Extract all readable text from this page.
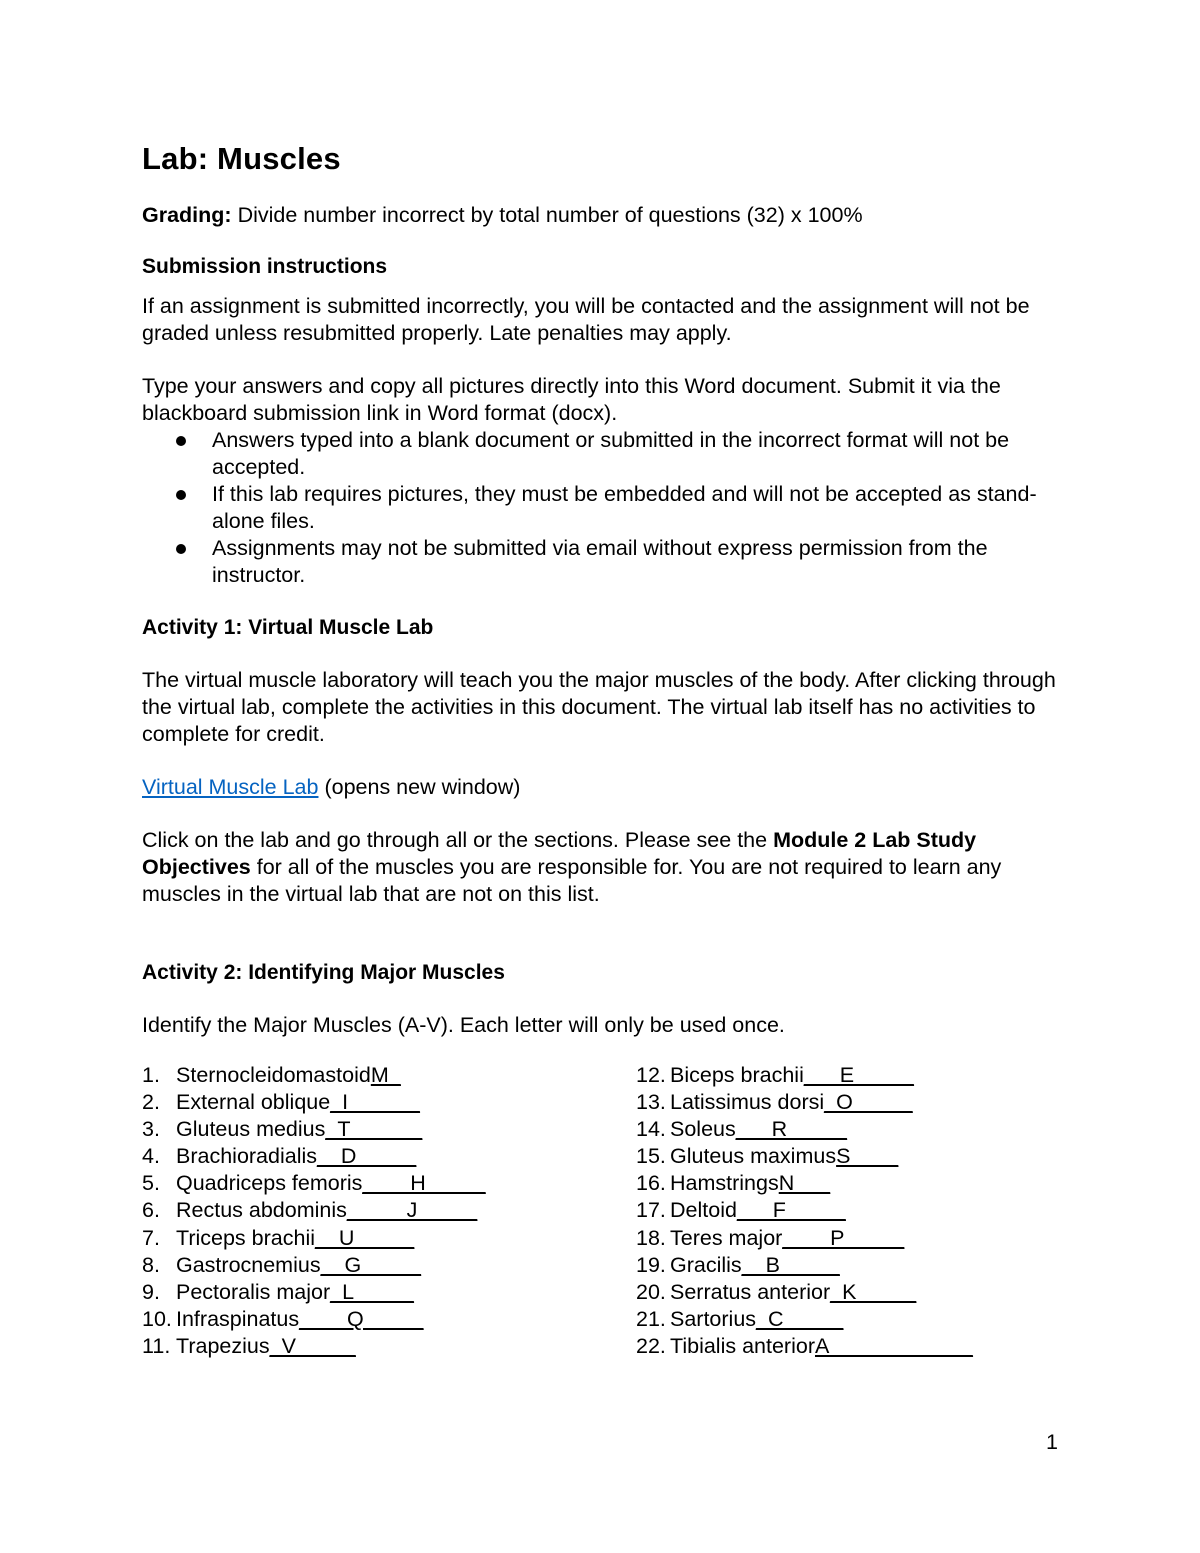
Lab: Muscles

Grading: Divide number incorrect by total number of questions (32) x 100%

Submission instructions

If an assignment is submitted incorrectly, you will be contacted and the assignment will not be graded unless resubmitted properly. Late penalties may apply.

Type your answers and copy all pictures directly into this Word document. Submit it via the blackboard submission link in Word format (docx).

Answers typed into a blank document or submitted in the incorrect format will not be accepted.
If this lab requires pictures, they must be embedded and will not be accepted as stand-alone files.
Assignments may not be submitted via email without express permission from the instructor.
Activity 1: Virtual Muscle Lab

The virtual muscle laboratory will teach you the major muscles of the body. After clicking through the virtual lab, complete the activities in this document. The virtual lab itself has no activities to complete for credit.

Virtual Muscle Lab (opens new window)

Click on the lab and go through all or the sections. Please see the Module 2 Lab Study Objectives for all of the muscles you are responsible for. You are not required to learn any muscles in the virtual lab that are not on this list.

Activity 2: Identifying Major Muscles

Identify the Major Muscles (A-V). Each letter will only be used once.

1. Sternocleidomastoid M_
2. External oblique _I______
3. Gluteus medius _T______
4. Brachioradialis __D_____
5. Quadriceps femoris ____H_____
6. Rectus abdominis _____J_____
7. Triceps brachii __U_____
8. Gastrocnemius __G_____
9. Pectoralis major _L_____
10. Infraspinatus ____Q_____
11. Trapezius _V_____
12. Biceps brachii ___E_____
13. Latissimus dorsi _O_____
14. Soleus ___R_____
15. Gluteus maximus S____
16. Hamstrings N___
17. Deltoid ___F_____
18. Teres major ____P_____
19. Gracilis __B_____
20. Serratus anterior _K_____
21. Sartorius _C_____
22. Tibialis anterior A____________
1
